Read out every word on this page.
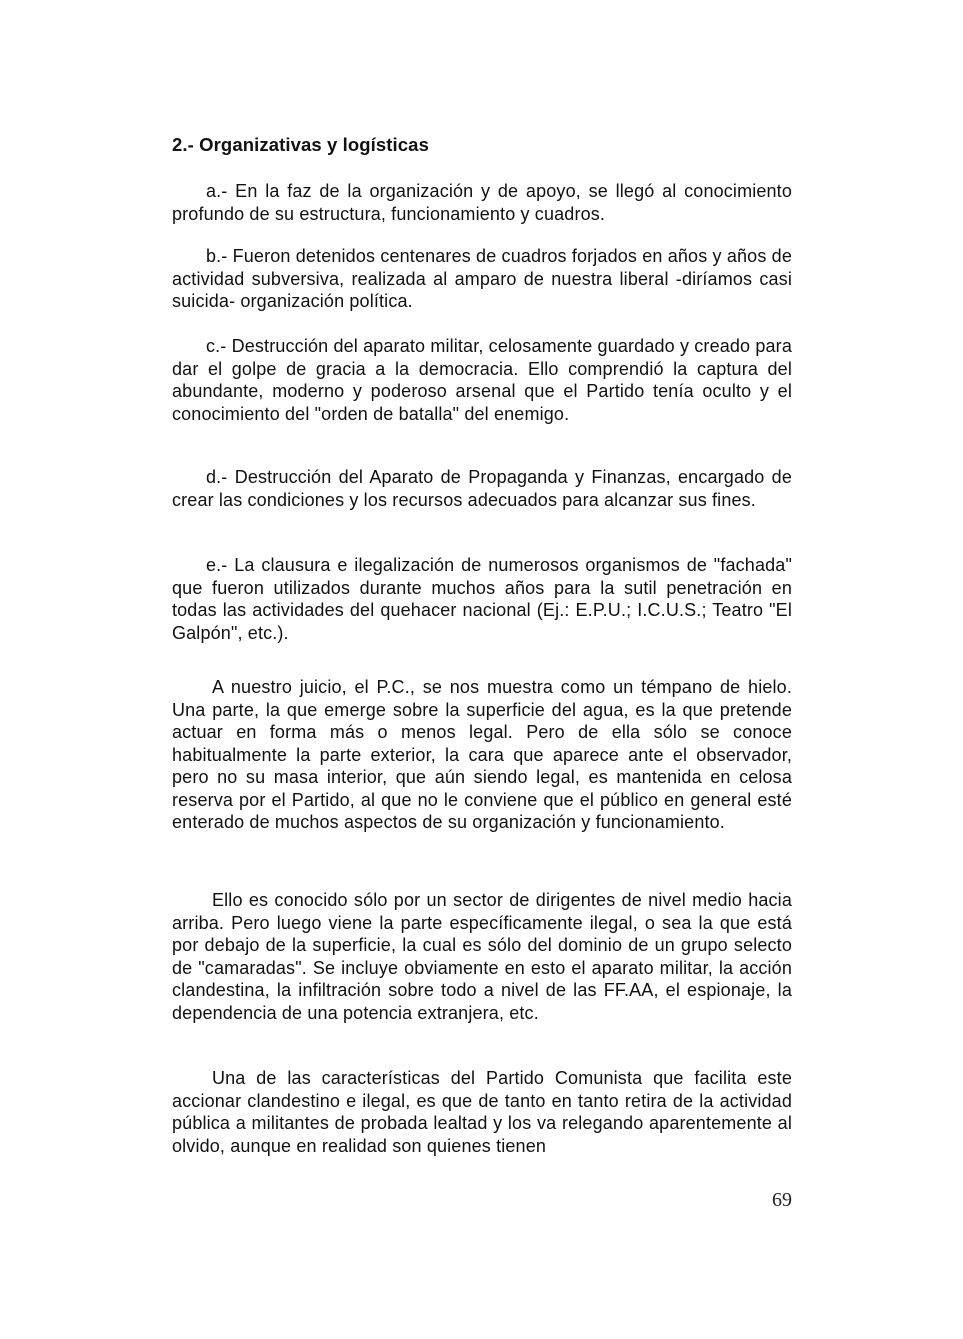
2.- Organizativas y logísticas

a.- En la faz de la organización y de apoyo, se llegó al conocimiento profundo de su estructura, funcionamiento y cuadros.

b.- Fueron detenidos centenares de cuadros forjados en años y años de actividad subversiva, realizada al amparo de nuestra liberal -diríamos casi suicida- organización política.

c.- Destrucción del aparato militar, celosamente guardado y creado para dar el golpe de gracia a la democracia. Ello comprendió la captura del abundante, moderno y poderoso arsenal que el Partido tenía oculto y el conocimiento del "orden de batalla" del enemigo.

d.- Destrucción del Aparato de Propaganda y Finanzas, encargado de crear las condiciones y los recursos adecuados para alcanzar sus fines.

e.- La clausura e ilegalización de numerosos organismos de "fachada" que fueron utilizados durante muchos años para la sutil penetración en todas las actividades del quehacer nacional (Ej.: E.P.U.; I.C.U.S.; Teatro "El Galpón", etc.).

A nuestro juicio, el P.C., se nos muestra como un témpano de hielo. Una parte, la que emerge sobre la superficie del agua, es la que pretende actuar en forma más o menos legal. Pero de ella sólo se conoce habitualmente la parte exterior, la cara que aparece ante el observador, pero no su masa interior, que aún siendo legal, es mantenida en celosa reserva por el Partido, al que no le conviene que el público en general esté enterado de muchos aspectos de su organización y funcionamiento.

Ello es conocido sólo por un sector de dirigentes de nivel medio hacia arriba. Pero luego viene la parte específicamente ilegal, o sea la que está por debajo de la superficie, la cual es sólo del dominio de un grupo selecto de "camaradas". Se incluye obviamente en esto el aparato militar, la acción clandestina, la infiltración sobre todo a nivel de las FF.AA, el espionaje, la dependencia de una potencia extranjera, etc.

Una de las características del Partido Comunista que facilita este accionar clandestino e ilegal, es que de tanto en tanto retira de la actividad pública a militantes de probada lealtad y los va relegando aparentemente al olvido, aunque en realidad son quienes tienen

69
